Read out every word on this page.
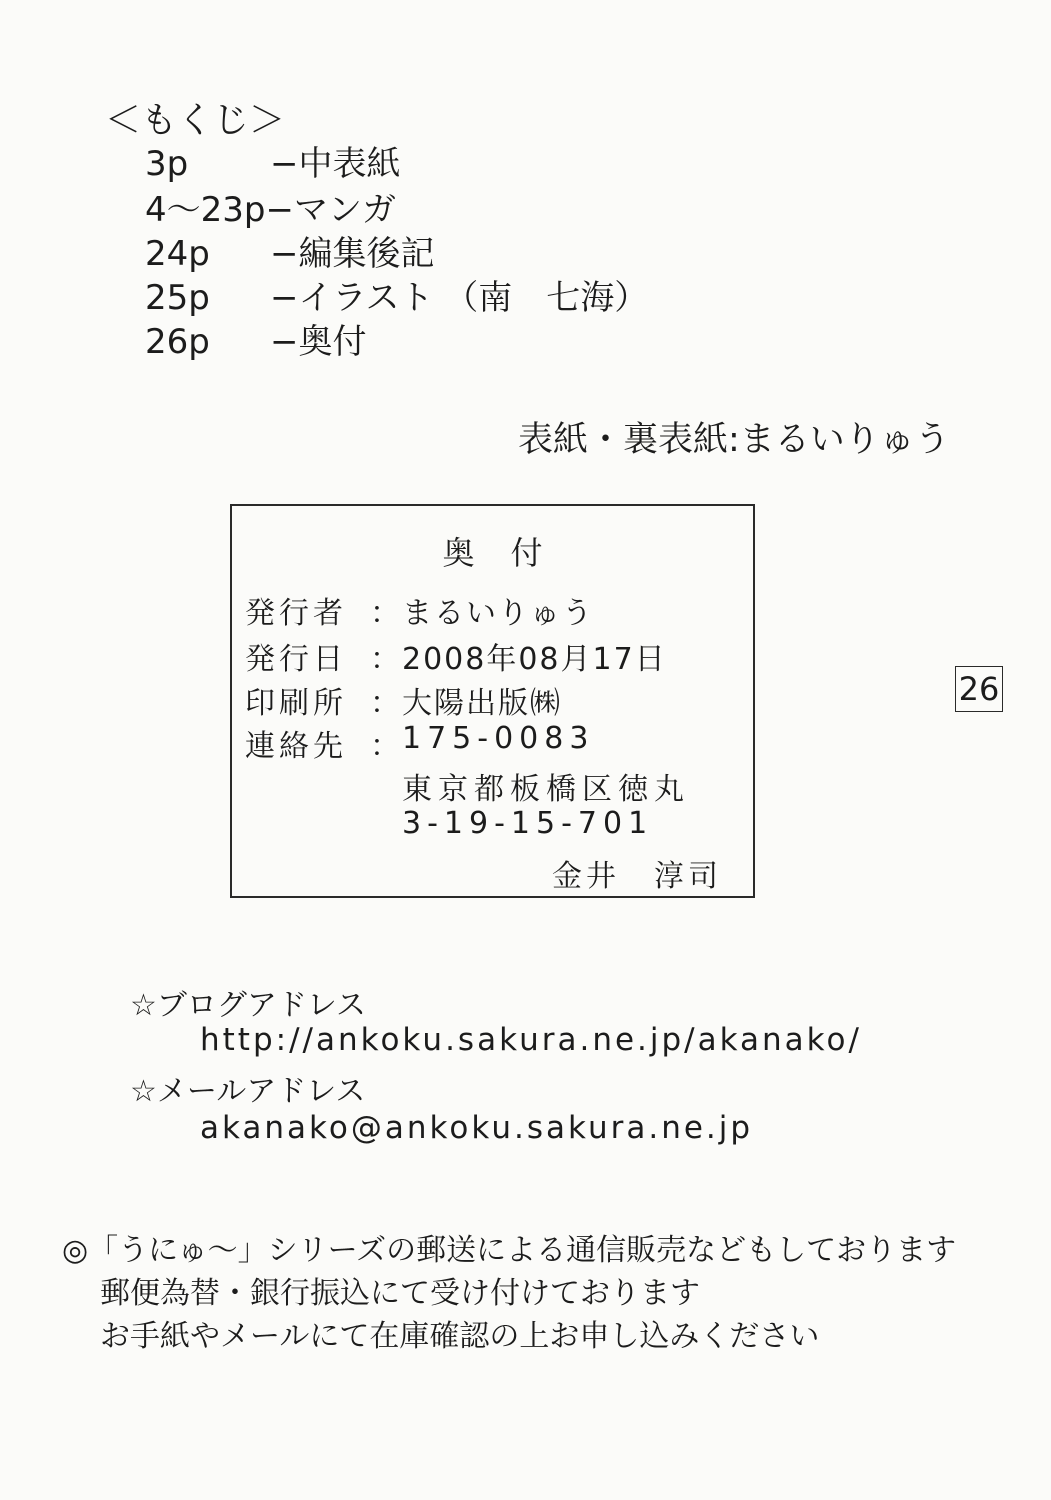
＜もくじ＞
3p −中表紙
4〜23p−マンガ
24p −編集後記
25p −イラスト （南　七海）
26p −奥付
表紙・裏表紙:まるいりゅう
奥付
発行者 ： まるいりゅう
発行日 ： 2008年08月17日
印刷所 ： 大陽出版㈱
連絡先 ： 175-0083
東京都板橋区徳丸
3-19-15-701
金井　淳司
26
☆ブログアドレス
http://ankoku.sakura.ne.jp/akanako/
☆メールアドレス
akanako@ankoku.sakura.ne.jp
◎「うにゅ〜」シリーズの郵送による通信販売などもしております
郵便為替・銀行振込にて受け付けております
お手紙やメールにて在庫確認の上お申し込みください
